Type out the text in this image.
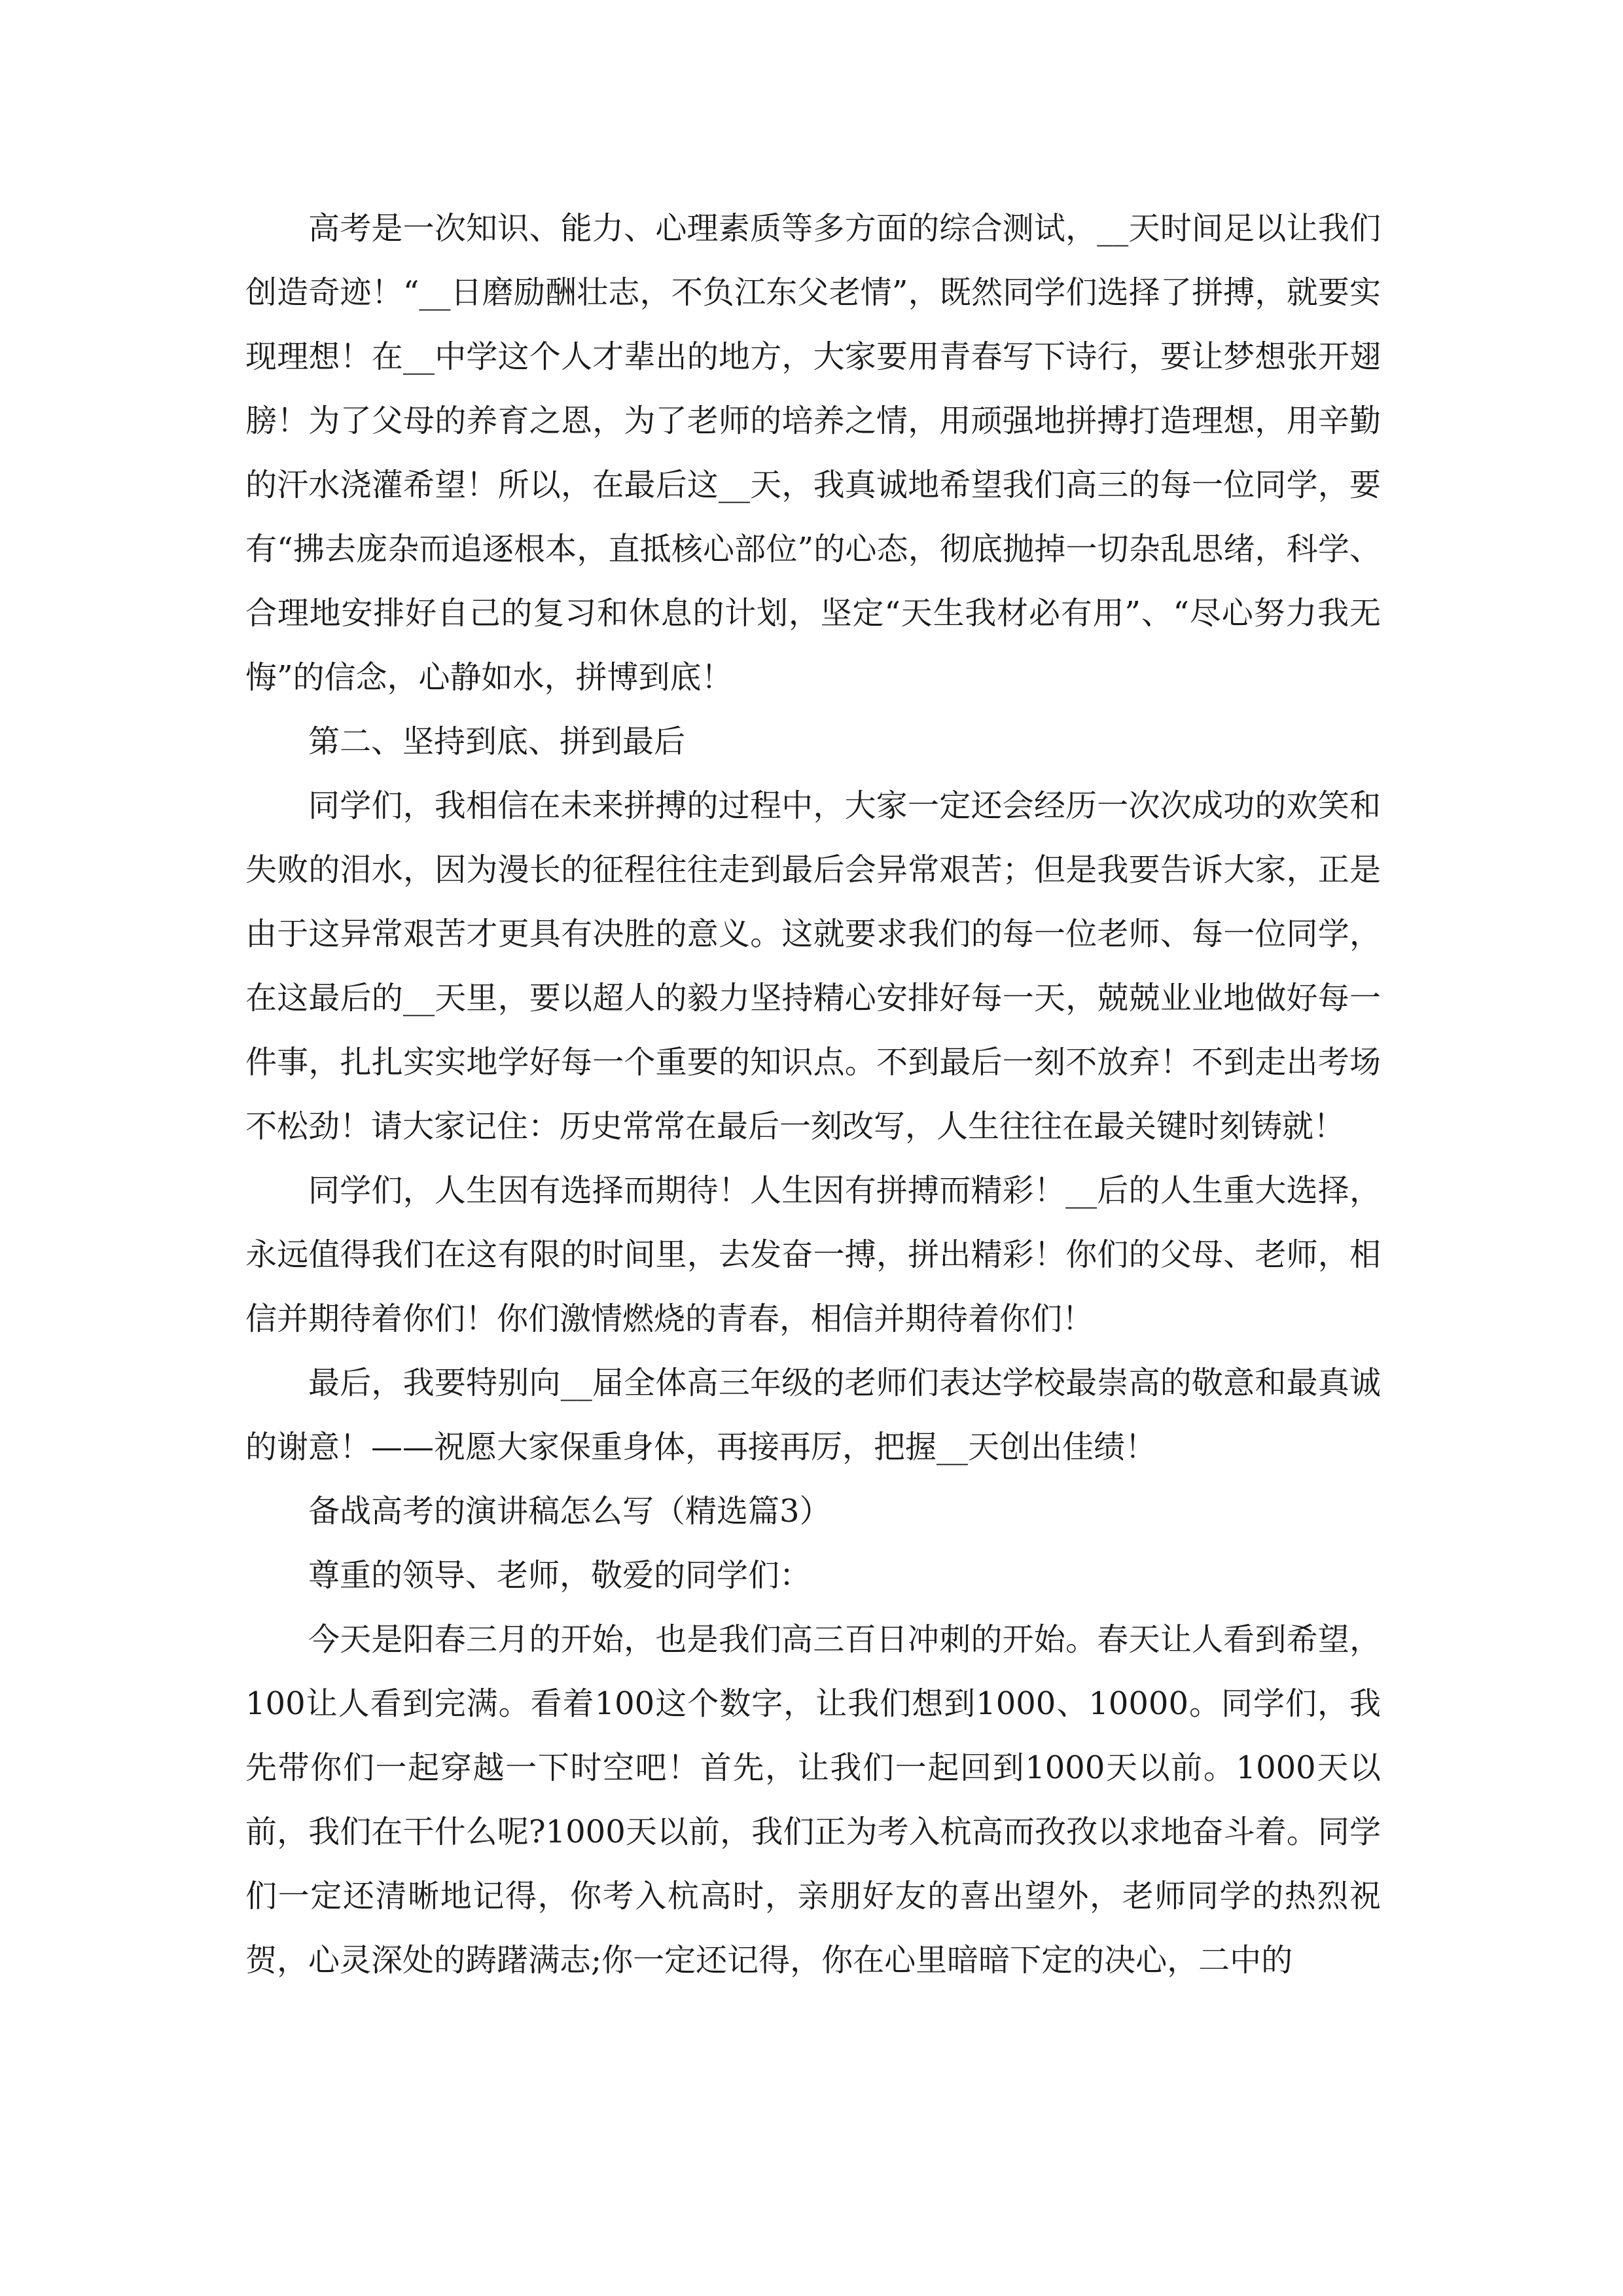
高考是一次知识、能力、心理素质等多方面的综合测试，__天时间足以让我们创造奇迹！“__日磨励酬壮志，不负江东父老情”，既然同学们选择了拼搏，就要实现理想！在__中学这个人才辈出的地方，大家要用青春写下诗行，要让梦想张开翅膀！为了父母的养育之恩，为了老师的培养之情，用顽强地拼搏打造理想，用辛勤的汗水浇灌希望！所以，在最后这__天，我真诚地希望我们高三的每一位同学，要有“拂去庞杂而追逐根本，直抵核心部位”的心态，彻底抛掉一切杂乱思绪，科学、合理地安排好自己的复习和休息的计划，坚定“天生我材必有用”、“尽心努力我无悔”的信念，心静如水，拼博到底！

第二、坚持到底、拼到最后

同学们，我相信在未来拼搏的过程中，大家一定还会经历一次次成功的欢笑和失败的泪水，因为漫长的征程往往走到最后会异常艰苦；但是我要告诉大家，正是由于这异常艰苦才更具有决胜的意义。这就要求我们的每一位老师、每一位同学，在这最后的__天里，要以超人的毅力坚持精心安排好每一天，兢兢业业地做好每一件事，扎扎实实地学好每一个重要的知识点。不到最后一刻不放弃！不到走出考场不松劲！请大家记住：历史常常在最后一刻改写，人生往往在最关键时刻铸就！

同学们，人生因有选择而期待！人生因有拼搏而精彩！__后的人生重大选择，永远值得我们在这有限的时间里，去发奋一搏，拼出精彩！你们的父母、老师，相信并期待着你们！你们激情燃烧的青春，相信并期待着你们！

最后，我要特别向__届全体高三年级的老师们表达学校最崇高的敬意和最真诚的谢意！——祝愿大家保重身体，再接再厉，把握__天创出佳绩！

备战高考的演讲稿怎么写（精选篇3）

尊重的领导、老师，敬爱的同学们：

今天是阳春三月的开始，也是我们高三百日冲刺的开始。春天让人看到希望，100让人看到完满。看着100这个数字，让我们想到1000、10000。同学们，我先带你们一起穿越一下时空吧！首先，让我们一起回到1000天以前。1000天以前，我们在干什么呢?1000天以前，我们正为考入杭高而孜孜以求地奋斗着。同学们一定还清晰地记得，你考入杭高时，亲朋好友的喜出望外，老师同学的热烈祝贺，心灵深处的踌躇满志;你一定还记得，你在心里暗暗下定的决心，二中的
